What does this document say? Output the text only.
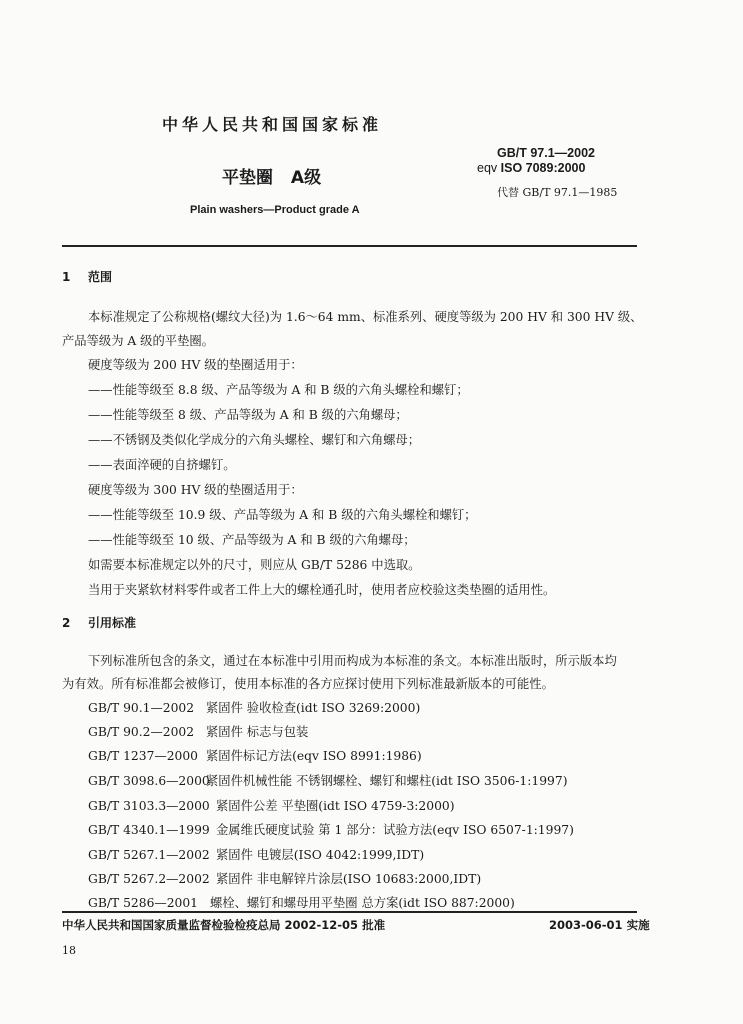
中华人民共和国国家标准
GB/T 97.1—2002
eqv ISO 7089:2000
代替 GB/T 97.1—1985
平垫圈 A级
Plain washers—Product grade A
1 范围
本标准规定了公称规格(螺纹大径)为 1.6～64 mm、标准系列、硬度等级为 200 HV 和 300 HV 级、
产品等级为 A 级的平垫圈。
硬度等级为 200 HV 级的垫圈适用于：
——性能等级至 8.8 级、产品等级为 A 和 B 级的六角头螺栓和螺钉；
——性能等级至 8 级、产品等级为 A 和 B 级的六角螺母；
——不锈钢及类似化学成分的六角头螺栓、螺钉和六角螺母；
——表面淬硬的自挤螺钉。
硬度等级为 300 HV 级的垫圈适用于：
——性能等级至 10.9 级、产品等级为 A 和 B 级的六角头螺栓和螺钉；
——性能等级至 10 级、产品等级为 A 和 B 级的六角螺母；
如需要本标准规定以外的尺寸，则应从 GB/T 5286 中选取。
当用于夹紧软材料零件或者工件上大的螺栓通孔时，使用者应校验这类垫圈的适用性。
2 引用标准
下列标准所包含的条文，通过在本标准中引用而构成为本标准的条文。本标准出版时，所示版本均
为有效。所有标准都会被修订，使用本标准的各方应探讨使用下列标准最新版本的可能性。
GB/T 90.1—2002 紧固件 验收检查(idt ISO 3269:2000)
GB/T 90.2—2002 紧固件 标志与包装
GB/T 1237—2000 紧固件标记方法(eqv ISO 8991:1986)
GB/T 3098.6—2000紧固件机械性能 不锈钢螺栓、螺钉和螺柱(idt ISO 3506-1:1997)
GB/T 3103.3—2000 紧固件公差 平垫圈(idt ISO 4759-3:2000)
GB/T 4340.1—1999 金属维氏硬度试验 第 1 部分：试验方法(eqv ISO 6507-1:1997)
GB/T 5267.1—2002 紧固件 电镀层(ISO 4042:1999,IDT)
GB/T 5267.2—2002 紧固件 非电解锌片涂层(ISO 10683:2000,IDT)
GB/T 5286—2001 螺栓、螺钉和螺母用平垫圈 总方案(idt ISO 887:2000)
中华人民共和国国家质量监督检验检疫总局 2002-12-05 批准	2003-06-01 实施
18
